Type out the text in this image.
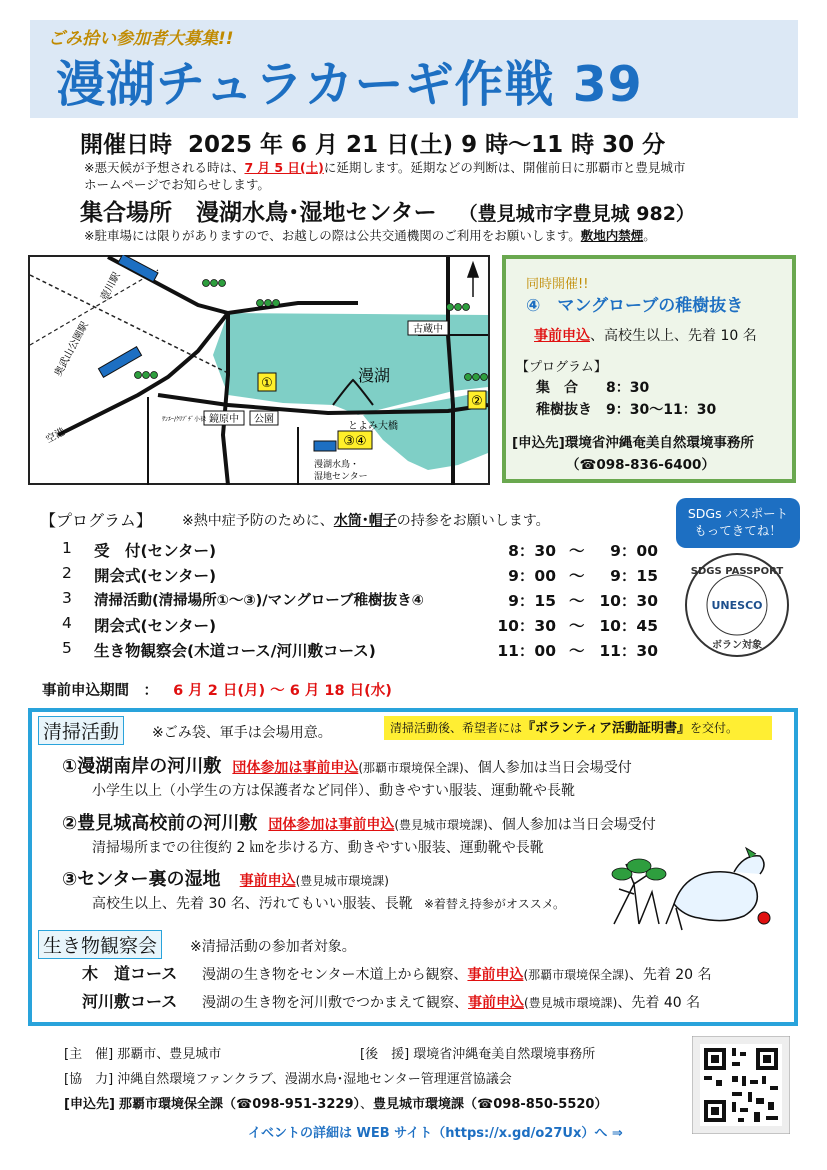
ごみ拾い参加者大募集!!
漫湖チュラカーギ作戦 39
開催日時 2025 年 6 月 21 日(土) 9 時～11 時 30 分
※悪天候が予想される時は、7 月 5 日(土)に延期します。延期などの判断は、開催前日に那覇市と豊見城市
ホームページでお知らせします。
集合場所 漫湖水鳥･湿地センター （豊見城市字豊見城 982）
※駐車場には限りがありますので、お越しの際は公共交通機関のご利用をお願いします。敷地内禁煙。
①
②
③④
壺川駅
奥武山公園駅	古蔵中
漫湖
鏡原中 公園
とよみ大橋
空港
ｻﾝｴｰ/ｸﾘﾌﾞﾁﾞ小禄
漫湖水鳥・
湿地センター
同時開催!!
④　マングローブの稚樹抜き
事前申込、高校生以上、先着 10 名
【プログラム】
集　合 8：30
稚樹抜き 9：30～11：30
[申込先]環境省沖縄奄美自然環境事務所
（☎098-836-6400）
【プログラム】 ※熱中症予防のために、水筒･帽子の持参をお願いします。
1 受　付(センター)	8：30 ～	9：00
2 開会式(センター)	9：00 ～	9：15
3 清掃活動(清掃場所①～③)/マングローブ稚樹抜き④	9：15 ～ 10：30
4 閉会式(センター)	10：30 ～ 10：45
5 生き物観察会(木道コース/河川敷コース)	11：00 ～ 11：30
事前申込期間　： 6 月 2 日(月) ～ 6 月 18 日(水)
SDGs パスポート
もってきてね！
SDGS PASSPORT
UNESCO
ボラン対象
清掃活動	※ごみ袋、軍手は会場用意。	清掃活動後、希望者には『ボランティア活動証明書』を交付。
①漫湖南岸の河川敷 団体参加は事前申込(那覇市環境保全課)、個人参加は当日会場受付
小学生以上（小学生の方は保護者など同伴）、動きやすい服装、運動靴や長靴
②豊見城高校前の河川敷 団体参加は事前申込(豊見城市環境課)、個人参加は当日会場受付
清掃場所までの往復約 2 ㎞を歩ける方、動きやすい服装、運動靴や長靴
③センター裏の湿地 事前申込(豊見城市環境課)
高校生以上、先着 30 名、汚れてもいい服装、長靴 ※着替え持参がオススメ。
生き物観察会	※清掃活動の参加者対象。
木　道コース 漫湖の生き物をセンター木道上から観察、事前申込(那覇市環境保全課)、先着 20 名
河川敷コース 漫湖の生き物を河川敷でつかまえて観察、事前申込(豊見城市環境課)、先着 40 名
[主　催] 那覇市、豊見城市	[後　援] 環境省沖縄奄美自然環境事務所
[協　力] 沖縄自然環境ファンクラブ、漫湖水鳥･湿地センター管理運営協議会
[申込先] 那覇市環境保全課（☎098-951-3229）、豊見城市環境課（☎098-850-5520）
イベントの詳細は WEB サイト（https://x.gd/o27Ux）へ ⇒
